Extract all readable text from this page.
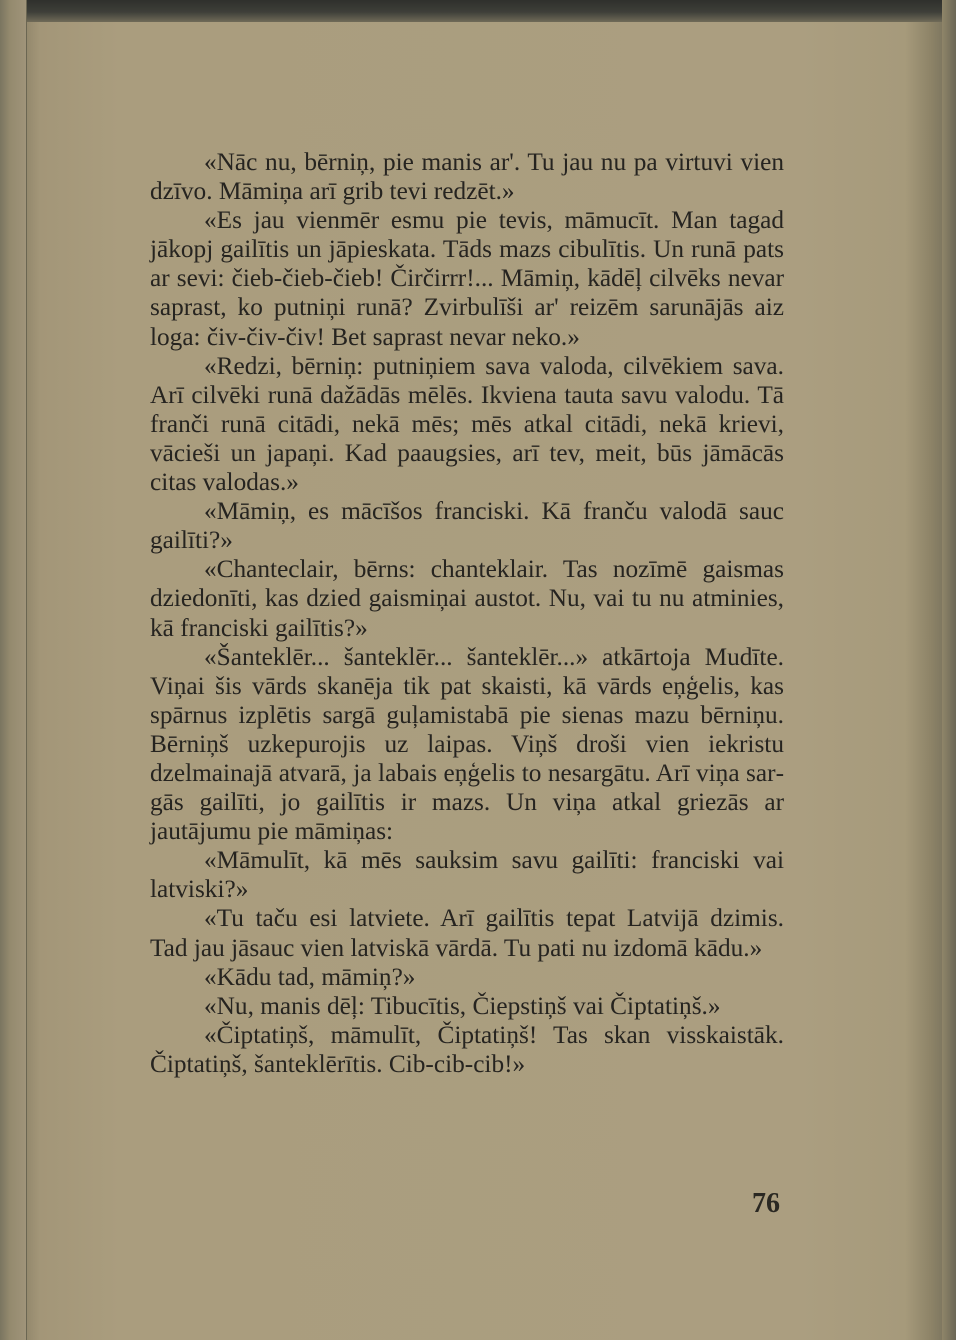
«Nāc nu, bērniņ, pie manis ar'. Tu jau nu pa virtuvi vien dzīvo. Māmiņa arī grib tevi redzēt.»

«Es jau vienmēr esmu pie tevis, māmucīt. Man tagad jākopj gailītis un jāpieskata. Tāds mazs cibulītis. Un runā pats ar sevi: čieb-čieb-čieb! Čirčirrr!... Māmiņ, kādēļ cilvēks nevar saprast, ko putniņi runā? Zvirbulīši ar' reizēm sarunājās aiz loga: čiv-čiv-čiv! Bet saprast nevar neko.»

«Redzi, bērniņ: putniņiem sava valoda, cilvēkiem sava. Arī cilvēki runā dažādās mēlēs. Ikviena tauta savu valodu. Tā franči runā citādi, nekā mēs; mēs atkal citādi, nekā krievi, vācieši un japaņi. Kad paaugsies, arī tev, meit, būs jāmācās citas valodas.»

«Māmiņ, es mācīšos franciski. Kā franču valodā sauc gailīti?»

«Chanteclair, bērns: chanteklair. Tas nozīmē gaismas dziedonīti, kas dzied gaismiņai austot. Nu, vai tu nu atminies, kā franciski gailītis?»

«Šanteklēr... šanteklēr... šanteklēr...» atkārtoja Mudīte. Viņai šis vārds skanēja tik pat skaisti, kā vārds eņģelis, kas spārnus izplētis sargā guļamistabā pie sienas mazu bērniņu. Bērniņš uzkepurojis uz laipas. Viņš droši vien iekristu dzelmainajā atvarā, ja labais eņģelis to nesargātu. Arī viņa sargās gailīti, jo gailītis ir mazs. Un viņa atkal griezās ar jautājumu pie māmiņas:

«Māmulīt, kā mēs sauksim savu gailīti: franciski vai latviski?»

«Tu taču esi latviete. Arī gailītis tepat Latvijā dzimis. Tad jau jāsauc vien latviskā vārdā. Tu pati nu izdomā kādu.»

«Kādu tad, māmiņ?»

«Nu, manis dēļ: Tibucītis, Čiepstiņš vai Čiptatiņš.»

«Čiptatiņš, māmulīt, Čiptatiņš! Tas skan visskaistāk. Čiptatiņš, šanteklērītis. Cib-cib-cib!»

76
